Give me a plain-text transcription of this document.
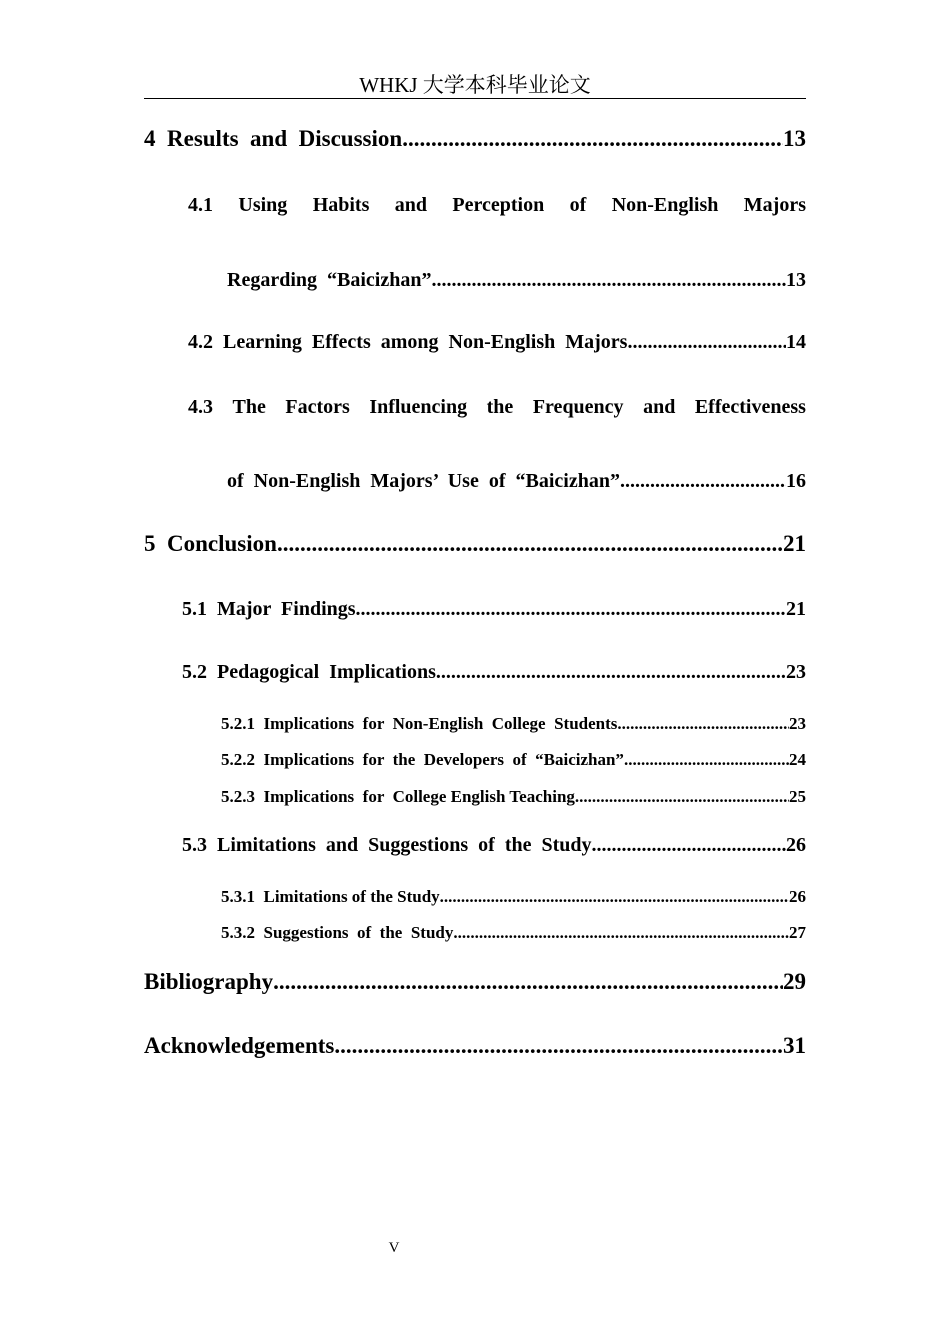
WHKJ 大学本科毕业论文
4  Results  and  Discussion .....	13
4.1 Using Habits and Perception of Non-English Majors
Regarding  “Baicizhan” .....	13
4.2  Learning  Effects  among  Non-English  Majors .....	14
4.3 The Factors Influencing the Frequency and Effectiveness
of  Non-English  Majors’  Use  of  “Baicizhan” .....	16
5  Conclusion .....	21
5.1  Major  Findings .....	21
5.2  Pedagogical  Implications .....	23
5.2.1  Implications  for  Non-English  College  Students .....	23
5.2.2  Implications  for  the  Developers  of  “Baicizhan” .....	24
5.2.3  Implications  for  College English Teaching .....	25
5.3  Limitations  and  Suggestions  of  the  Study .....	26
5.3.1  Limitations of the Study .....	26
5.3.2  Suggestions  of  the  Study .....	27
Bibliography .....	29
Acknowledgements .....	31
V
